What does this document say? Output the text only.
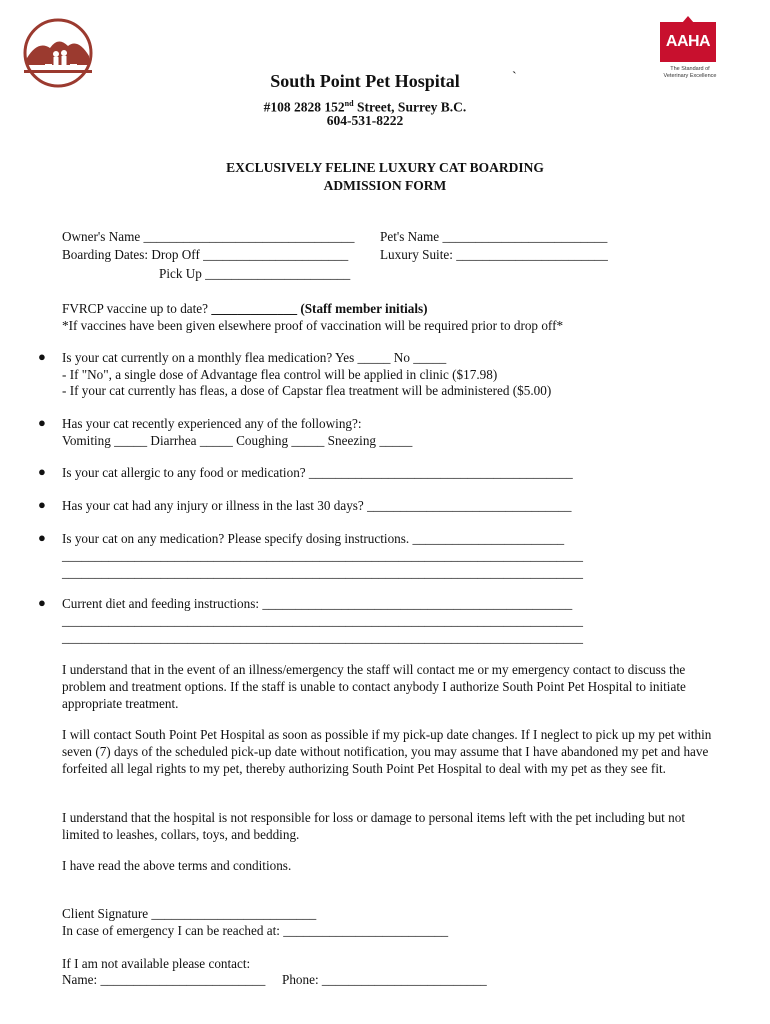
AAHA
The Standard of Veterinary Excellence
South Point Pet Hospital	`
#108 2828 152nd Street, Surrey B.C.
604-531-8222
EXCLUSIVELY FELINE LUXURY CAT BOARDING
ADMISSION FORM
Owner's Name ________________________________ Pet's Name _________________________
Boarding Dates: Drop Off ______________________ Luxury Suite: _______________________
Pick Up ______________________
FVRCP vaccine up to date? _____________ (Staff member initials)
*If vaccines have been given elsewhere proof of vaccination will be required prior to drop off*
● Is your cat currently on a monthly flea medication? Yes _____ No _____
- If "No", a single dose of Advantage flea control will be applied in clinic ($17.98)
- If your cat currently has fleas, a dose of Capstar flea treatment will be administered ($5.00)
● Has your cat recently experienced any of the following?:
Vomiting _____ Diarrhea _____ Coughing _____ Sneezing _____
● Is your cat allergic to any food or medication? ________________________________________
● Has your cat had any injury or illness in the last 30 days? _______________________________
● Is your cat on any medication? Please specify dosing instructions. _______________________
_______________________________________________________________________________
_______________________________________________________________________________
● Current diet and feeding instructions: _______________________________________________
_______________________________________________________________________________
_______________________________________________________________________________
I understand that in the event of an illness/emergency the staff will contact me or my emergency contact to discuss the problem and treatment options. If the staff is unable to contact anybody I authorize South Point Pet Hospital to initiate appropriate treatment.
I will contact South Point Pet Hospital as soon as possible if my pick-up date changes. If I neglect to pick up my pet within seven (7) days of the scheduled pick-up date without notification, you may assume that I have abandoned my pet and have forfeited all legal rights to my pet, thereby authorizing South Point Pet Hospital to deal with my pet as they see fit.
I understand that the hospital is not responsible for loss or damage to personal items left with the pet including but not limited to leashes, collars, toys, and bedding.
I have read the above terms and conditions.
Client Signature _________________________
In case of emergency I can be reached at: _________________________
If I am not available please contact:
Name: _________________________ Phone: _________________________
